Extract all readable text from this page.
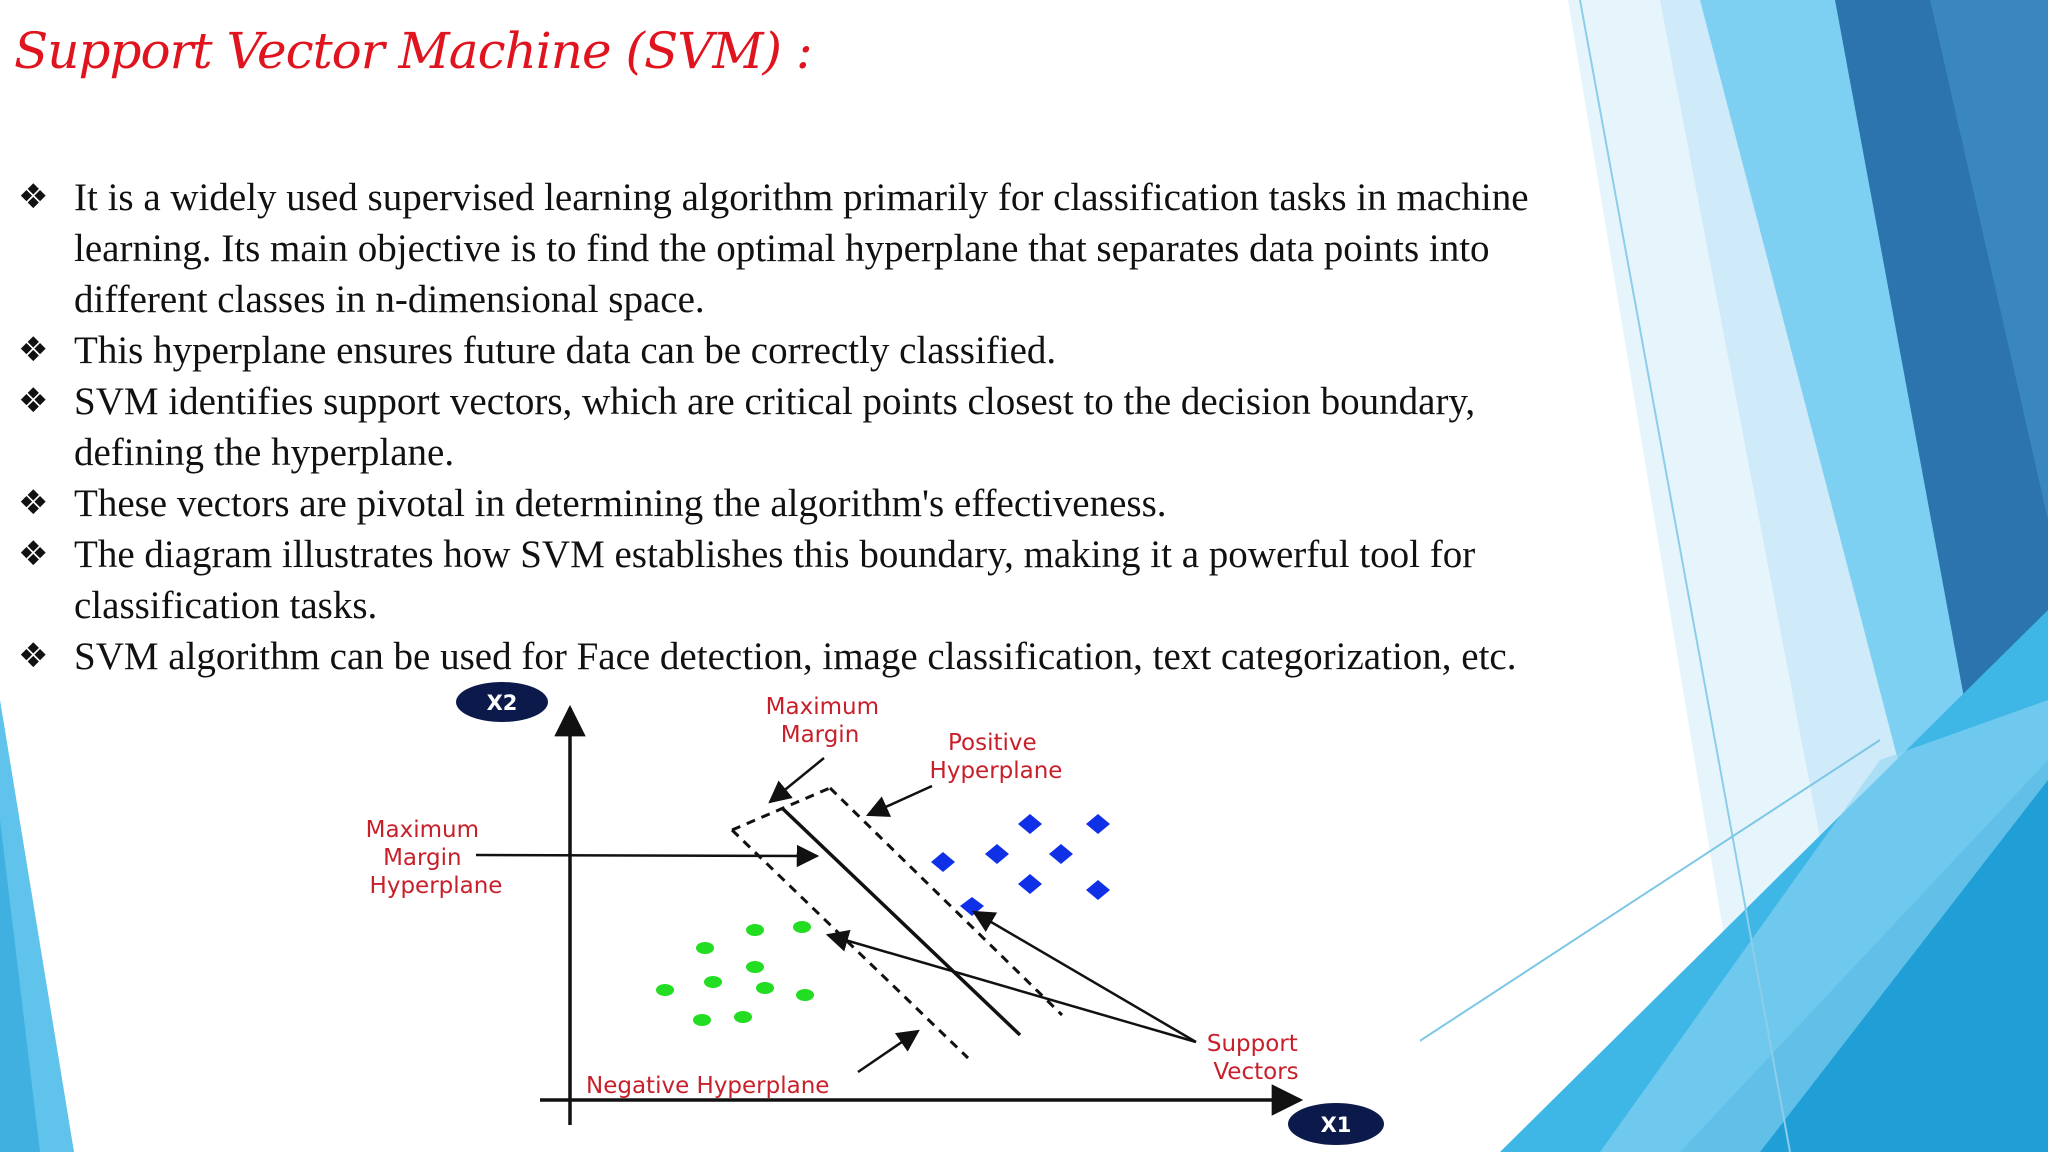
Support Vector Machine (SVM) :
❖ It is a widely used supervised learning algorithm primarily for classification tasks in machine learning. Its main objective is to find the optimal hyperplane that separates data points into different classes in n-dimensional space.
❖ This hyperplane ensures future data can be correctly classified.
❖ SVM identifies support vectors, which are critical points closest to the decision boundary, defining the hyperplane.
❖ These vectors are pivotal in determining the algorithm's effectiveness.
❖ The diagram illustrates how SVM establishes this boundary, making it a powerful tool for classification tasks.
❖ SVM algorithm can be used for Face detection, image classification, text categorization, etc.
X2
X1
Maximum Margin	Positive Hyperplane
Maximum Margin Hyperplane
Negative Hyperplane
Support Vectors
